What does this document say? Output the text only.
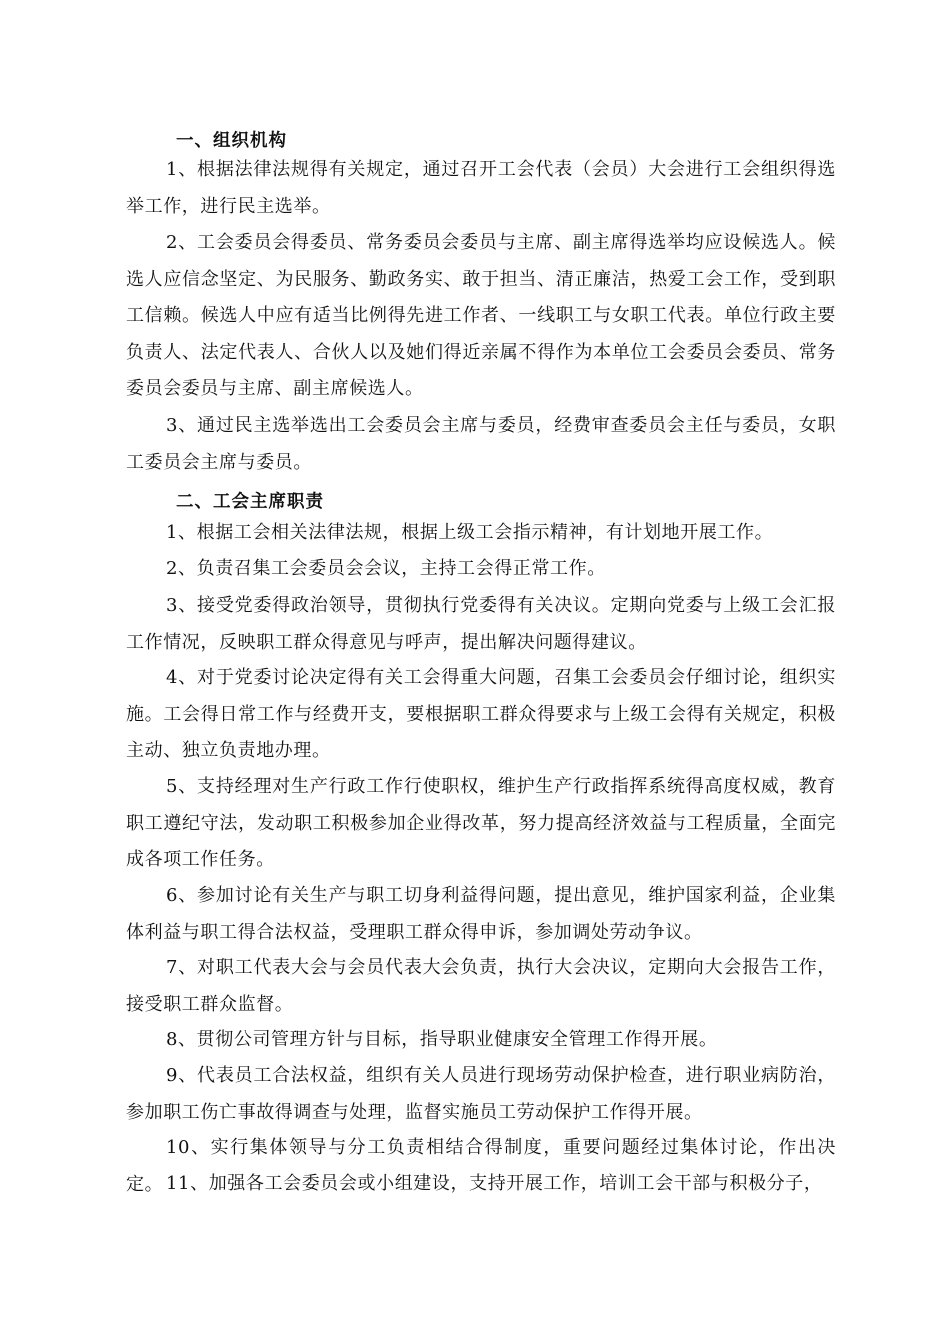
一、组织机构

1、根据法律法规得有关规定，通过召开工会代表（会员）大会进行工会组织得选举工作，进行民主选举。

2、工会委员会得委员、常务委员会委员与主席、副主席得选举均应设候选人。候选人应信念坚定、为民服务、勤政务实、敢于担当、清正廉洁，热爱工会工作，受到职工信赖。候选人中应有适当比例得先进工作者、一线职工与女职工代表。单位行政主要负责人、法定代表人、合伙人以及她们得近亲属不得作为本单位工会委员会委员、常务委员会委员与主席、副主席候选人。

3、通过民主选举选出工会委员会主席与委员，经费审查委员会主任与委员，女职工委员会主席与委员。

二、工会主席职责

1、根据工会相关法律法规，根据上级工会指示精神，有计划地开展工作。

2、负责召集工会委员会会议，主持工会得正常工作。

3、接受党委得政治领导，贯彻执行党委得有关决议。定期向党委与上级工会汇报工作情况，反映职工群众得意见与呼声，提出解决问题得建议。

4、对于党委讨论决定得有关工会得重大问题，召集工会委员会仔细讨论，组织实施。工会得日常工作与经费开支，要根据职工群众得要求与上级工会得有关规定，积极主动、独立负责地办理。

5、支持经理对生产行政工作行使职权，维护生产行政指挥系统得高度权威，教育职工遵纪守法，发动职工积极参加企业得改革，努力提高经济效益与工程质量，全面完成各项工作任务。

6、参加讨论有关生产与职工切身利益得问题，提出意见，维护国家利益，企业集体利益与职工得合法权益，受理职工群众得申诉，参加调处劳动争议。

7、对职工代表大会与会员代表大会负责，执行大会决议，定期向大会报告工作，接受职工群众监督。

8、贯彻公司管理方针与目标，指导职业健康安全管理工作得开展。

9、代表员工合法权益，组织有关人员进行现场劳动保护检查，进行职业病防治，参加职工伤亡事故得调查与处理，监督实施员工劳动保护工作得开展。

10、实行集体领导与分工负责相结合得制度，重要问题经过集体讨论，作出决定。 11、加强各工会委员会或小组建设，支持开展工作，培训工会干部与积极分子，
